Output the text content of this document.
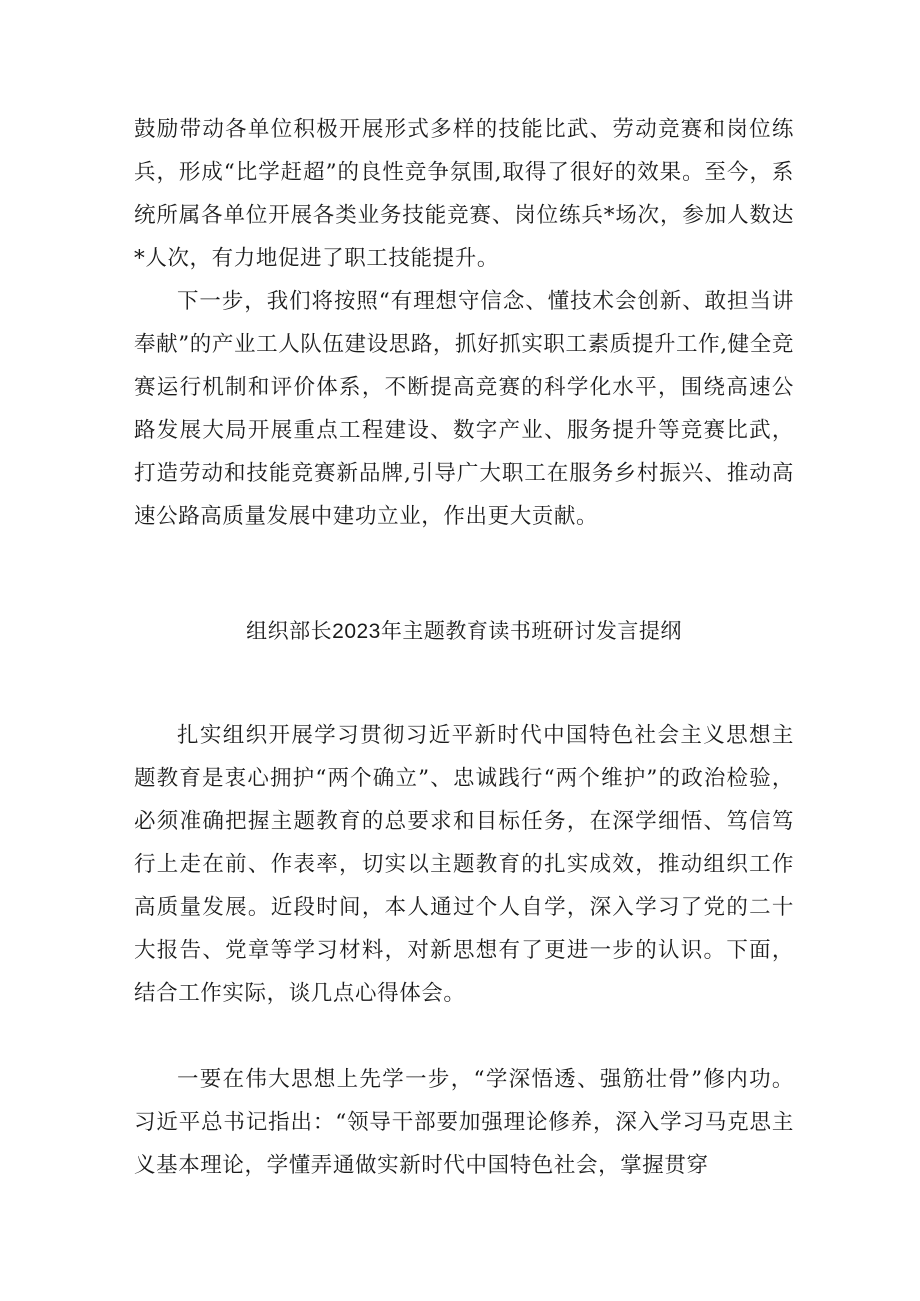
鼓励带动各单位积极开展形式多样的技能比武、劳动竞赛和岗位练兵，形成“比学赶超”的良性竞争氛围,取得了很好的效果。至今，系统所属各单位开展各类业务技能竞赛、岗位练兵*场次，参加人数达*人次，有力地促进了职工技能提升。

下一步，我们将按照“有理想守信念、懂技术会创新、敢担当讲奉献”的产业工人队伍建设思路，抓好抓实职工素质提升工作,健全竞赛运行机制和评价体系，不断提高竞赛的科学化水平，围绕高速公路发展大局开展重点工程建设、数字产业、服务提升等竞赛比武，打造劳动和技能竞赛新品牌,引导广大职工在服务乡村振兴、推动高速公路高质量发展中建功立业，作出更大贡献。

组织部长2023年主题教育读书班研讨发言提纲

扎实组织开展学习贯彻习近平新时代中国特色社会主义思想主题教育是衷心拥护“两个确立”、忠诚践行“两个维护”的政治检验，必须准确把握主题教育的总要求和目标任务，在深学细悟、笃信笃行上走在前、作表率，切实以主题教育的扎实成效，推动组织工作高质量发展。近段时间，本人通过个人自学，深入学习了党的二十大报告、党章等学习材料，对新思想有了更进一步的认识。下面，结合工作实际，谈几点心得体会。

一要在伟大思想上先学一步，“学深悟透、强筋壮骨”修内功。习近平总书记指出：“领导干部要加强理论修养，深入学习马克思主义基本理论，学懂弄通做实新时代中国特色社会，掌握贯穿
